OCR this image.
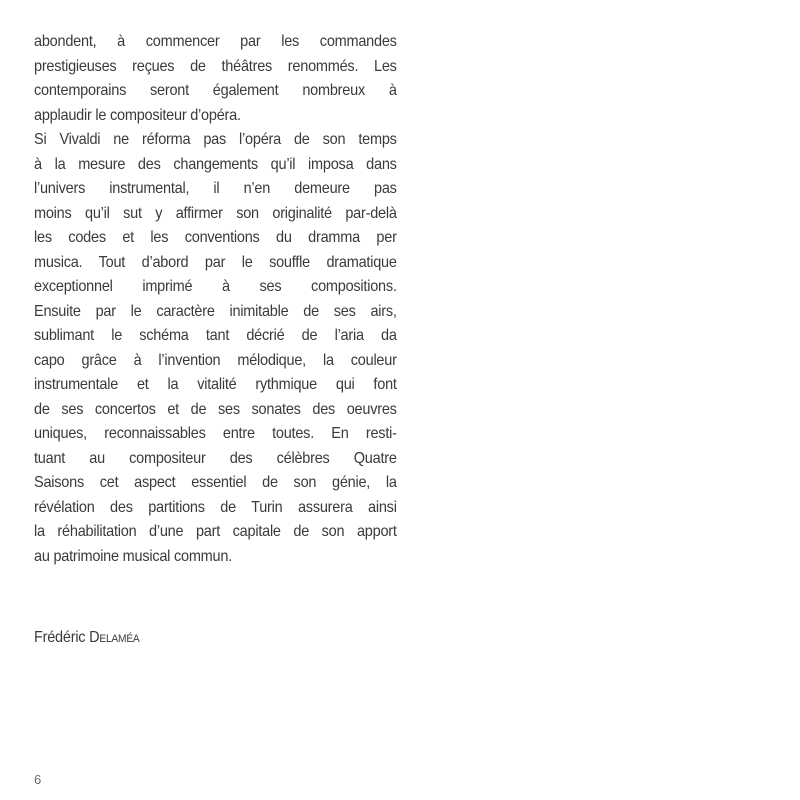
abondent, à commencer par les commandes
prestigieuses reçues de théâtres renommés. Les
contemporains seront également nombreux à
applaudir le compositeur d’opéra.
Si Vivaldi ne réforma pas l’opéra de son temps
à la mesure des changements qu’il imposa dans
l’univers instrumental, il n’en demeure pas
moins qu’il sut y affirmer son originalité par-delà
les codes et les conventions du dramma per
musica. Tout d’abord par le souffle dramatique
exceptionnel imprimé à ses compositions.
Ensuite par le caractère inimitable de ses airs,
sublimant le schéma tant décrié de l’aria da
capo grâce à l’invention mélodique, la couleur
instrumentale et la vitalité rythmique qui font
de ses concertos et de ses sonates des oeuvres
uniques, reconnaissables entre toutes. En resti-
tuant au compositeur des célèbres Quatre
Saisons cet aspect essentiel de son génie, la
révélation des partitions de Turin assurera ainsi
la réhabilitation d’une part capitale de son apport
au patrimoine musical commun.
Frédéric Delaméa
6
